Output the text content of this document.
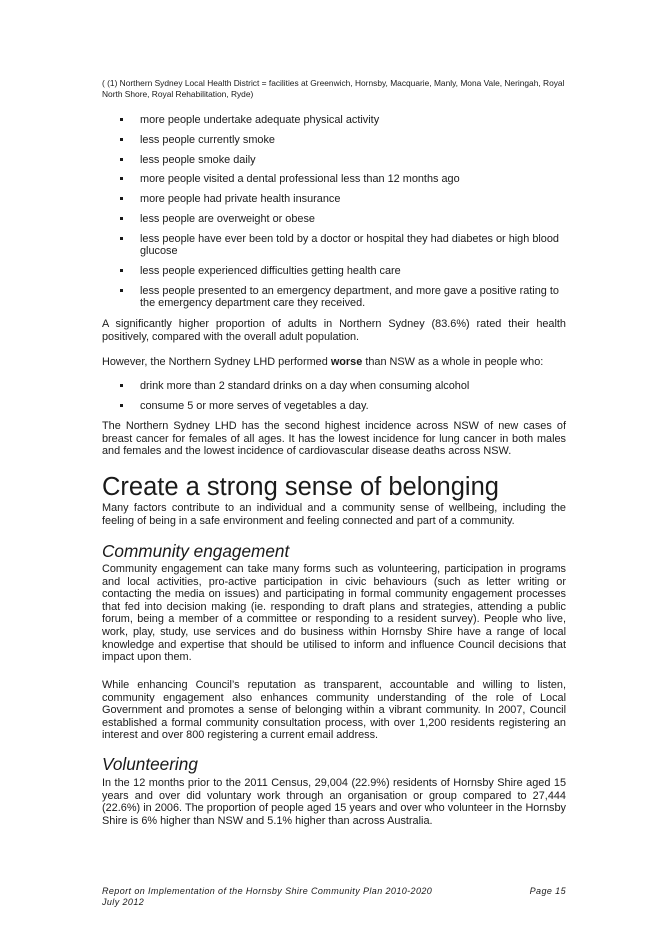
( (1) Northern Sydney Local Health District = facilities at Greenwich, Hornsby, Macquarie, Manly, Mona Vale, Neringah, Royal North Shore, Royal Rehabilitation, Ryde)
more people undertake adequate physical activity
less people currently smoke
less people smoke daily
more people visited a dental professional less than 12 months ago
more people had private health insurance
less people are overweight or obese
less people have ever been told by a doctor or hospital they had diabetes or high blood glucose
less people experienced difficulties getting health care
less people presented to an emergency department, and more gave a positive rating to the emergency department care they received.

A significantly higher proportion of adults in Northern Sydney (83.6%) rated their health positively, compared with the overall adult population.

However, the Northern Sydney LHD performed worse than NSW as a whole in people who:

drink more than 2 standard drinks on a day when consuming alcohol
consume 5 or more serves of vegetables a day.

The Northern Sydney LHD has the second highest incidence across NSW of new cases of breast cancer for females of all ages. It has the lowest incidence for lung cancer in both males and females and the lowest incidence of cardiovascular disease deaths across NSW.

Create a strong sense of belonging

Many factors contribute to an individual and a community sense of wellbeing, including the feeling of being in a safe environment and feeling connected and part of a community.

Community engagement

Community engagement can take many forms such as volunteering, participation in programs and local activities, pro-active participation in civic behaviours (such as letter writing or contacting the media on issues) and participating in formal community engagement processes that fed into decision making (ie. responding to draft plans and strategies, attending a public forum, being a member of a committee or responding to a resident survey). People who live, work, play, study, use services and do business within Hornsby Shire have a range of local knowledge and expertise that should be utilised to inform and influence Council decisions that impact upon them.

While enhancing Council’s reputation as transparent, accountable and willing to listen, community engagement also enhances community understanding of the role of Local Government and promotes a sense of belonging within a vibrant community. In 2007, Council established a formal community consultation process, with over 1,200 residents registering an interest and over 800 registering a current email address.

Volunteering

In the 12 months prior to the 2011 Census, 29,004 (22.9%) residents of Hornsby Shire aged 15 years and over did voluntary work through an organisation or group compared to 27,444 (22.6%) in 2006. The proportion of people aged 15 years and over who volunteer in the Hornsby Shire is 6% higher than NSW and 5.1% higher than across Australia.

Report on Implementation of the Hornsby Shire Community Plan 2010-2020
July 2012
Page 15
